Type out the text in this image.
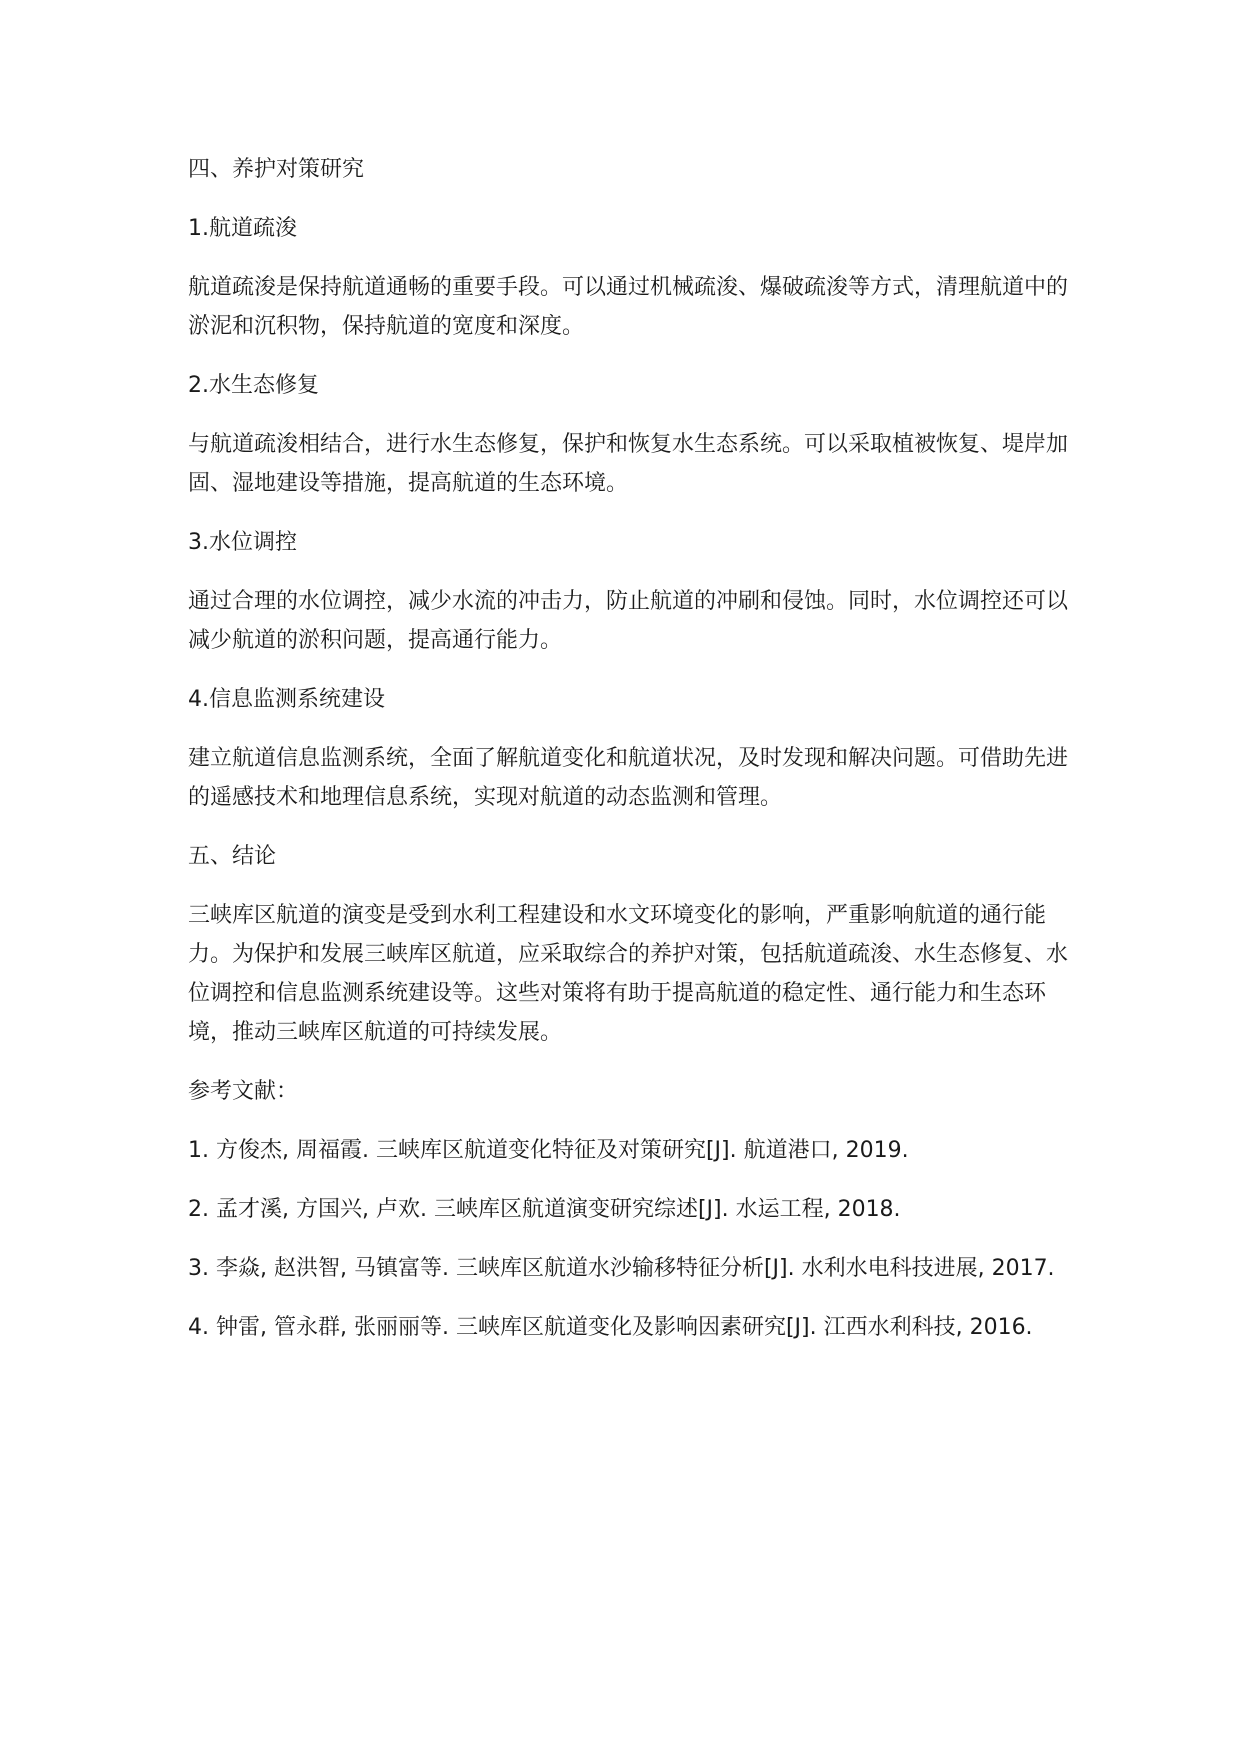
四、养护对策研究

1.航道疏浚

航道疏浚是保持航道通畅的重要手段。可以通过机械疏浚、爆破疏浚等方式，清理航道中的淤泥和沉积物，保持航道的宽度和深度。

2.水生态修复

与航道疏浚相结合，进行水生态修复，保护和恢复水生态系统。可以采取植被恢复、堤岸加固、湿地建设等措施，提高航道的生态环境。

3.水位调控

通过合理的水位调控，减少水流的冲击力，防止航道的冲刷和侵蚀。同时，水位调控还可以减少航道的淤积问题，提高通行能力。

4.信息监测系统建设

建立航道信息监测系统，全面了解航道变化和航道状况，及时发现和解决问题。可借助先进的遥感技术和地理信息系统，实现对航道的动态监测和管理。

五、结论

三峡库区航道的演变是受到水利工程建设和水文环境变化的影响，严重影响航道的通行能力。为保护和发展三峡库区航道，应采取综合的养护对策，包括航道疏浚、水生态修复、水位调控和信息监测系统建设等。这些对策将有助于提高航道的稳定性、通行能力和生态环境，推动三峡库区航道的可持续发展。

参考文献：

1. 方俊杰, 周福霞. 三峡库区航道变化特征及对策研究[J]. 航道港口, 2019.

2. 孟才溪, 方国兴, 卢欢. 三峡库区航道演变研究综述[J]. 水运工程, 2018.

3. 李焱, 赵洪智, 马镇富等. 三峡库区航道水沙输移特征分析[J]. 水利水电科技进展, 2017.

4. 钟雷, 管永群, 张丽丽等. 三峡库区航道变化及影响因素研究[J]. 江西水利科技, 2016.
